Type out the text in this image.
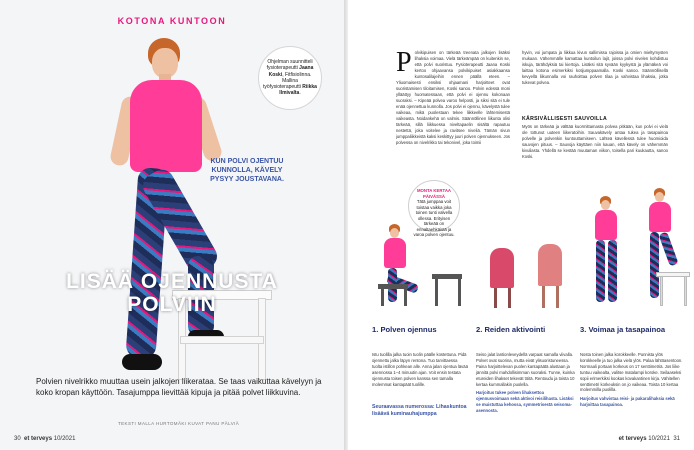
KOTONA KUNTOON
Ohjelman suunnitteli fysioterapeutti Jaana Koski, Fitfisiolinna. Mallina työfysioterapeutti Riikka Ilmivalta.
KUN POLVI OJENTUU KUNNOLLA, KÄVELY PYSYY JOUSTAVANA.
LISÄÄ OJENNUSTA
POLVIIN
Polvien nivelrikko muuttaa usein jalkojen liikerataa. Se taas vaikuttaa kävelyyn ja koko kropan käyttöön. Tasajumppa lievittää kipuja ja pitää polvet liikkuvina.
TEKSTI MALLA HURTOMÄKI KUVAT PANU PÄLVIÄ
30 et terveys 10/2021
P olvikipuisen on tärkeää treenata jalkojen lisäksi lihaksia voimaa. Vielä tärkeämpää on kuitenkin se, että polvi suoristuu. Fysioterapeutti Jaana Koski kertoo ohjaavansa polvikipuiset asiakkaansa kuntosalilajeihin ennen päällä eteen. – Yliuomaisesti ensiksi ohjaamani harjoitteet ovat suoristamisen tiloitamisen, Koski sanoo. Polvin edessä moni ylläättyy huomatessaan, että polvi ei ojennu kokonaan suoraksi. – Kipeää polvea varoo helposti, ja siksi sitä ei tule enää ojennettua kunnolla. Jos polvi ei ojennu, kävelystä tulee vaikeaa, mikä puolestaan tekee liikkeelle lähtemisestä vaikeasta. Noidankehä on valmis. Säännöllinen liikunta olisi tärkeää, sillä liikkuessa niveltapaelin sisältä rapautuu nestettä, joka voitelee ja ravitsee niveliä. Tämän sivun jumppaliikkeistä kaksi keskittyy juuri polven ojennukseen. Jos polvessa on nivelrikko tai tekonivel, joka toimii
hyvin, voi jumpata ja liikkua kivun sallimissa rajoissa ja omien mieltymysten mukaan. Vähemmälle kamattaa kuntoilun lajit, joissa polvi nivelen kohdistuu iskuja, tärähdyksiä tai kiertoja. Lisäksi sitä syvään kyykystä ja ylämäkeä voi laittaa kotona esimerkiksi kotijumppaamalla. Koski sanoo. Säännöllisellä kevyellä liikunnalla voi rauhoittaa polven tilaa ja vahvistaa lihaksia, jotka tukevat polvea.
KÄRSIVÄLLISESTI SAUVOILLA
Myös on tärkeää ja välttää kuormittamasta polvea pitkään, kun polvi ei vielä ole tottunut uuteen liikeratoihin. Sauvakävely antaa tukea ja tasapainoa polvelle ja polvenkin kuntouttamiseen. Lähteä kävellessä tulee huomioida sauvojen pituus. – Sauvoja käyttäen niin kauan, että kävely on vähemmän kivuliasta. Yhdellä se kestää muutaman viikon, toisella pari kuukautta, sanoo Koski.
MONTA KERTAA PÄIVÄSSÄ
Tätä jumppaa voit toistaa vaikka joka toinen tunti valvella ollessa. Erityisen tärkeää on ennaltaehkäistä ja varoa polven ojentuu.
1. Polven ojennus
Istu tuolilla jalka tuoin tuolin päälle kostettuna. Pidä ojennettu jalka läpyn rentona. Tuo tarvittaessa tuolta istillon pohkean alle. Anna jalan ojentua lävää asennossa 1–4 minuutin ajan. Voit ensin testata ojennusta toisen polven kanssa sen tamalla molemmat kantapäät tuolille.
2. Reiden aktivointi
Seiso jalat lantionleveydellä varpaat samalla viivalla. Polvet ovat suorina, mutta eivät ylisuoristuneessa. Paina harjoittelevan puolen kantapäätä alustaan ja jännitä polvi mahdollisimman suoraksi. Tunne, kuinka etureiden lihakset tekevät töitä. Rentoudu ja toista 10 kertaa kummallakin puolella.
Harjoitus tukee polven lihaksettoa ojennusvoimaan sekä aktivoi reisilihasta. Lisäksi se muistuttaa kehossa, symmetrisestä seisoma-asennosta.
3. Voimaa ja tasapainoa
Nosta toinen jalka korokkeelle. Punnista ylös korokkeelle ja tuo jalka vielä ylös. Palaa lähtöasentoon. Normaali portaan korkeus on 17 senttimetriä. Jos liike tuntuu vaikealta, valitse matalampi koroke. Seilaaseksi sopii erimerkiksi kookas kovakantinen kirja. Vähitellen senttimetri korkeuksin on jo vaikeaa. Toista 10 kertaa molemmilla puolilla.
Harjoitus vahvistaa reisi- ja pakaralihaksia sekä harjoittaa tasapainoa.
Seuraavassa numerossa: Lihaskuntoa lisäävä kuminauhajumppa
et terveys 10/2021 31
